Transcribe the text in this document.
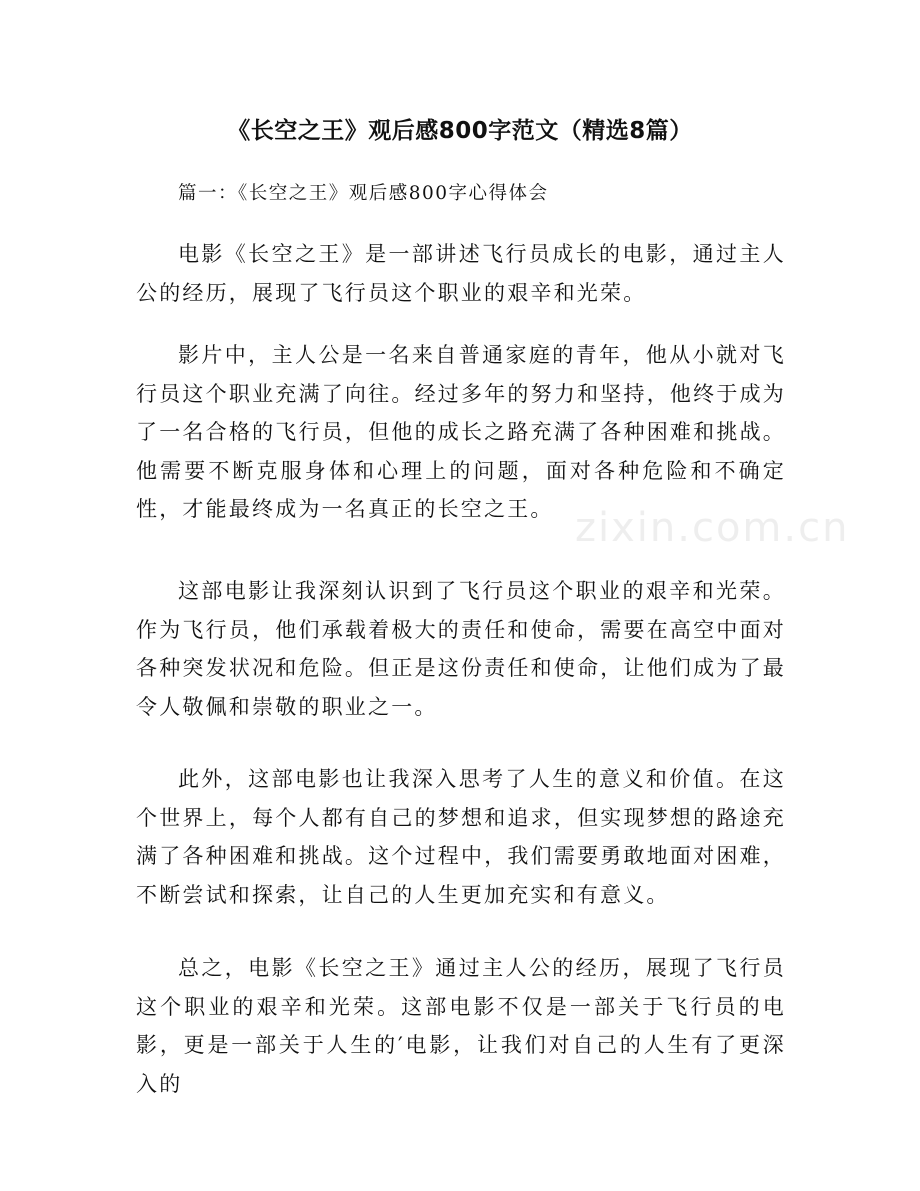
《长空之王》观后感800字范文（精选8篇）
篇一：《长空之王》观后感800字心得体会

电影《长空之王》是一部讲述飞行员成长的电影，通过主人公的经历，展现了飞行员这个职业的艰辛和光荣。

影片中，主人公是一名来自普通家庭的青年，他从小就对飞行员这个职业充满了向往。经过多年的努力和坚持，他终于成为了一名合格的飞行员，但他的成长之路充满了各种困难和挑战。他需要不断克服身体和心理上的问题，面对各种危险和不确定性，才能最终成为一名真正的长空之王。

这部电影让我深刻认识到了飞行员这个职业的艰辛和光荣。作为飞行员，他们承载着极大的责任和使命，需要在高空中面对各种突发状况和危险。但正是这份责任和使命，让他们成为了最令人敬佩和崇敬的职业之一。

此外，这部电影也让我深入思考了人生的意义和价值。在这个世界上，每个人都有自己的梦想和追求，但实现梦想的路途充满了各种困难和挑战。这个过程中，我们需要勇敢地面对困难，不断尝试和探索，让自己的人生更加充实和有意义。

总之，电影《长空之王》通过主人公的经历，展现了飞行员这个职业的艰辛和光荣。这部电影不仅是一部关于飞行员的电影，更是一部关于人生的′电影，让我们对自己的人生有了更深入的

zixin.com.cn
